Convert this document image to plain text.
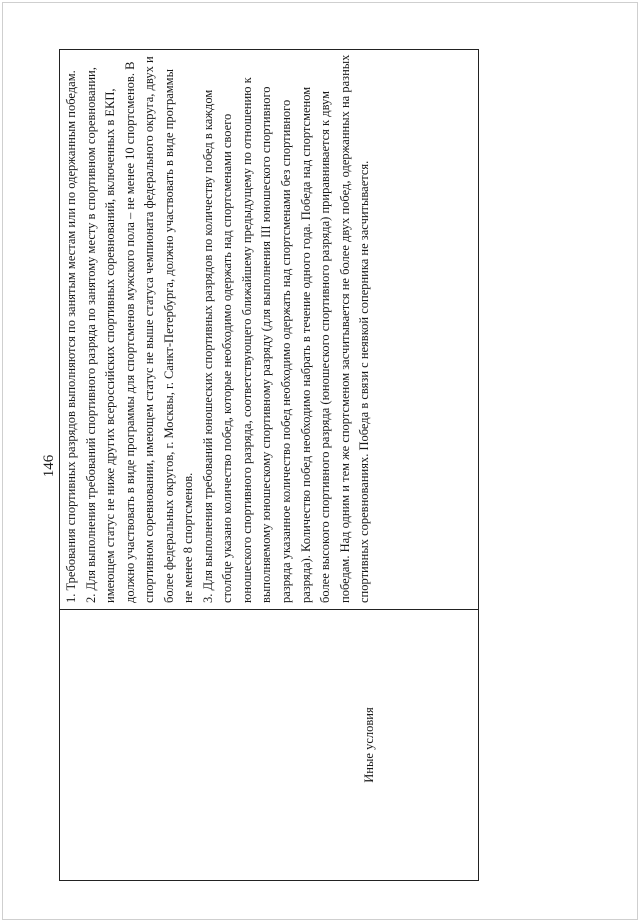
146
Иные условия

1. Требования спортивных разрядов выполняются по занятым местам или по одержанным победам. 2. Для выполнения требований спортивного разряда по занятому месту в спортивном соревновании, имеющем статус не ниже других всероссийских спортивных соревнований, включенных в ЕКП, должно участвовать в виде программы для спортсменов мужского пола – не менее 10 спортсменов. В спортивном соревновании, имеющем статус не выше статуса чемпионата федерального округа, двух и более федеральных округов, г. Москвы, г. Санкт-Петербурга, должно участвовать в виде программы не менее 8 спортсменов. 3. Для выполнения требований юношеских спортивных разрядов по количеству побед в каждом столбце указано количество побед, которые необходимо одержать над спортсменами своего юношеского спортивного разряда, соответствующего ближайшему предыдущему по отношению к выполняемому юношескому спортивному разряду (для выполнения III юношеского спортивного разряда указанное количество побед необходимо одержать над спортсменами без спортивного разряда). Количество побед необходимо набрать в течение одного года. Победа над спортсменом более высокого спортивного разряда (юношеского спортивного разряда) приравнивается к двум победам. Над одним и тем же спортсменом засчитывается не более двух побед, одержанных на разных спортивных соревнованиях. Победа в связи с неявкой соперника не засчитывается.
